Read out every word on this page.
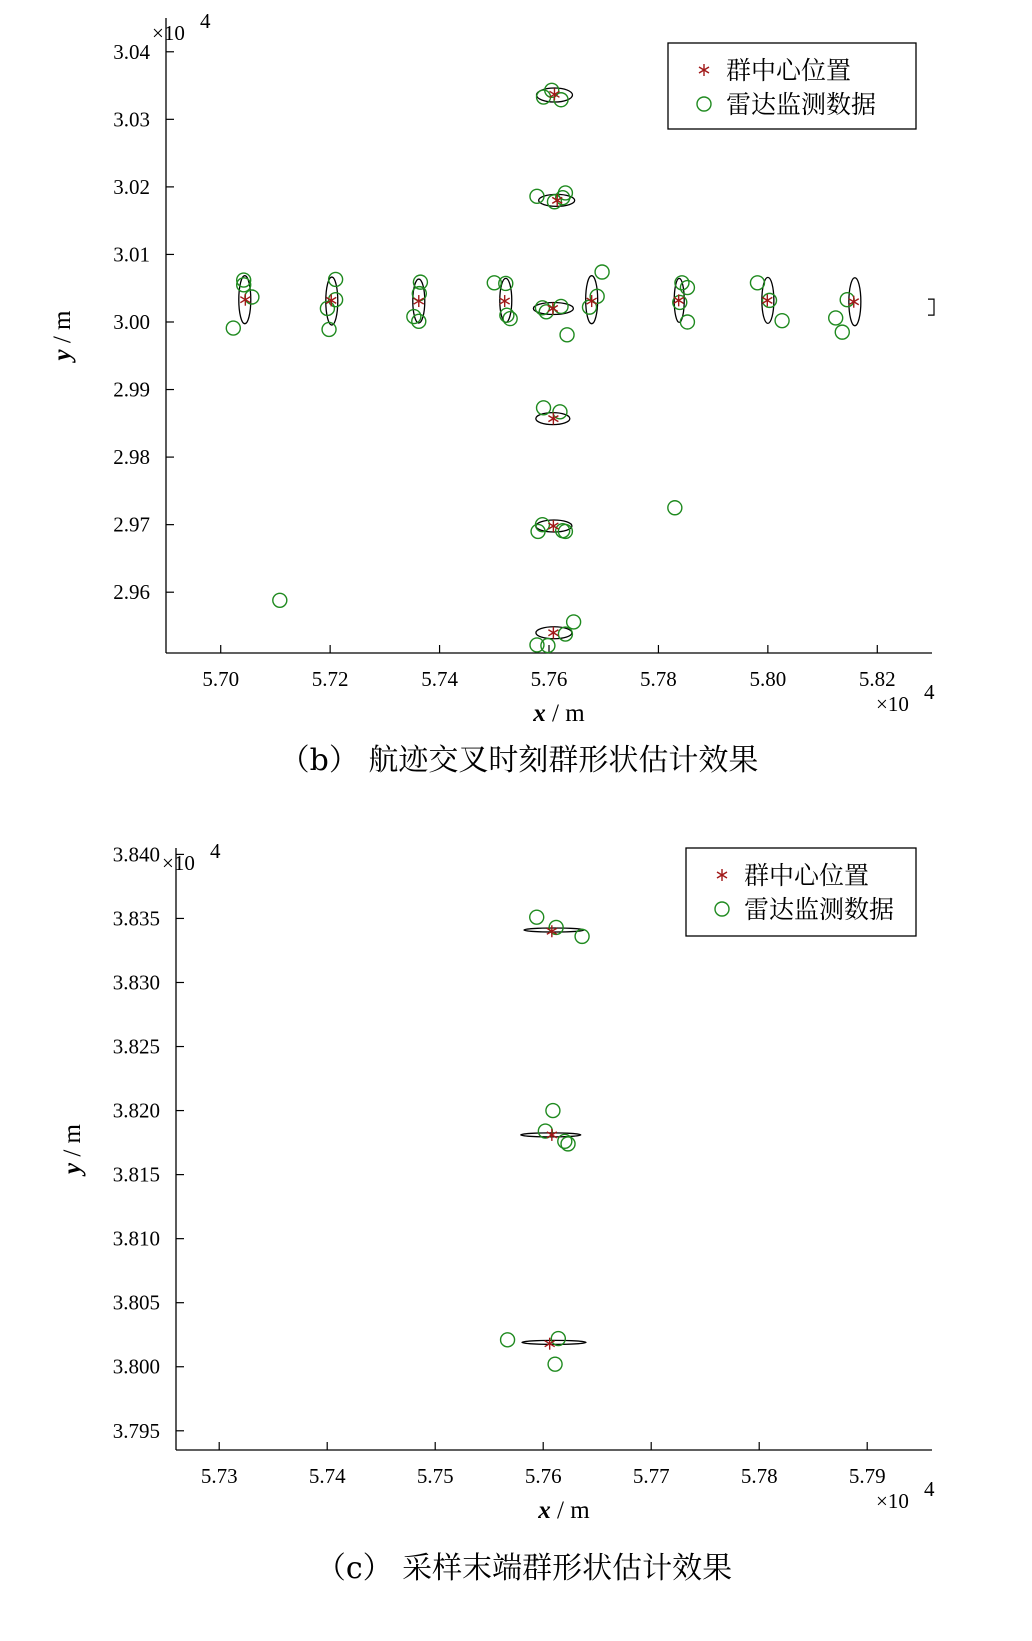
5.70	5.72	5.74	5.76	5.78	5.80	5.82
2.96
2.97
2.98
2.99
3.00
3.01
3.02
3.03
3.04
×10 4
×10 4
x / m
y / m
群中心位置
雷达监测数据
（b） 航迹交叉时刻群形状估计效果
5.73	5.74	5.75	5.76	5.77	5.78	5.79
3.795
3.800
3.805
3.810
3.815
3.820
3.825
3.830
3.835
3.840 ×10 4
×10 4
x / m
y / m
群中心位置
雷达监测数据
（c） 采样末端群形状估计效果
